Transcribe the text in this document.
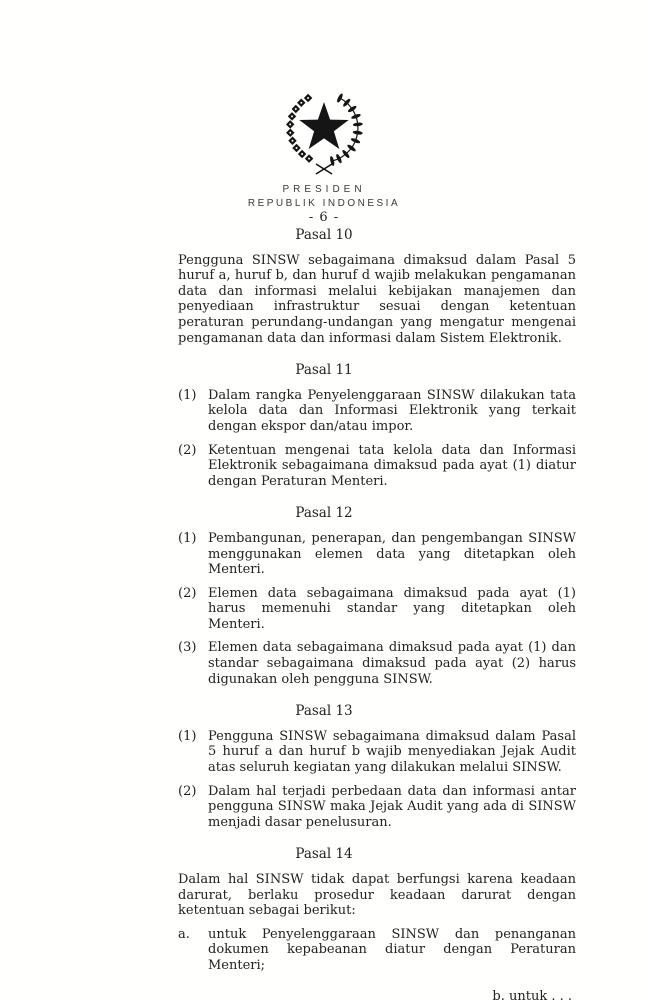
PRESIDEN
REPUBLIK INDONESIA
- 6 -
Pasal 10

Pengguna SINSW sebagaimana dimaksud dalam Pasal 5 huruf a, huruf b, dan huruf d wajib melakukan pengamanan data dan informasi melalui kebijakan manajemen dan penyediaan infrastruktur sesuai dengan ketentuan peraturan perundang-undangan yang mengatur mengenai pengamanan data dan informasi dalam Sistem Elektronik.

Pasal 11
(1) Dalam rangka Penyelenggaraan SINSW dilakukan tata kelola data dan Informasi Elektronik yang terkait dengan ekspor dan/atau impor.
(2) Ketentuan mengenai tata kelola data dan Informasi Elektronik sebagaimana dimaksud pada ayat (1) diatur dengan Peraturan Menteri.
Pasal 12
(1) Pembangunan, penerapan, dan pengembangan SINSW menggunakan elemen data yang ditetapkan oleh Menteri.
(2) Elemen data sebagaimana dimaksud pada ayat (1) harus memenuhi standar yang ditetapkan oleh Menteri.
(3) Elemen data sebagaimana dimaksud pada ayat (1) dan standar sebagaimana dimaksud pada ayat (2) harus digunakan oleh pengguna SINSW.
Pasal 13
(1) Pengguna SINSW sebagaimana dimaksud dalam Pasal 5 huruf a dan huruf b wajib menyediakan Jejak Audit atas seluruh kegiatan yang dilakukan melalui SINSW.
(2) Dalam hal terjadi perbedaan data dan informasi antar pengguna SINSW maka Jejak Audit yang ada di SINSW menjadi dasar penelusuran.
Pasal 14

Dalam hal SINSW tidak dapat berfungsi karena keadaan darurat, berlaku prosedur keadaan darurat dengan ketentuan sebagai berikut:

a.	untuk Penyelenggaraan SINSW dan penanganan dokumen kepabeanan diatur dengan Peraturan Menteri;
b. untuk . . .
